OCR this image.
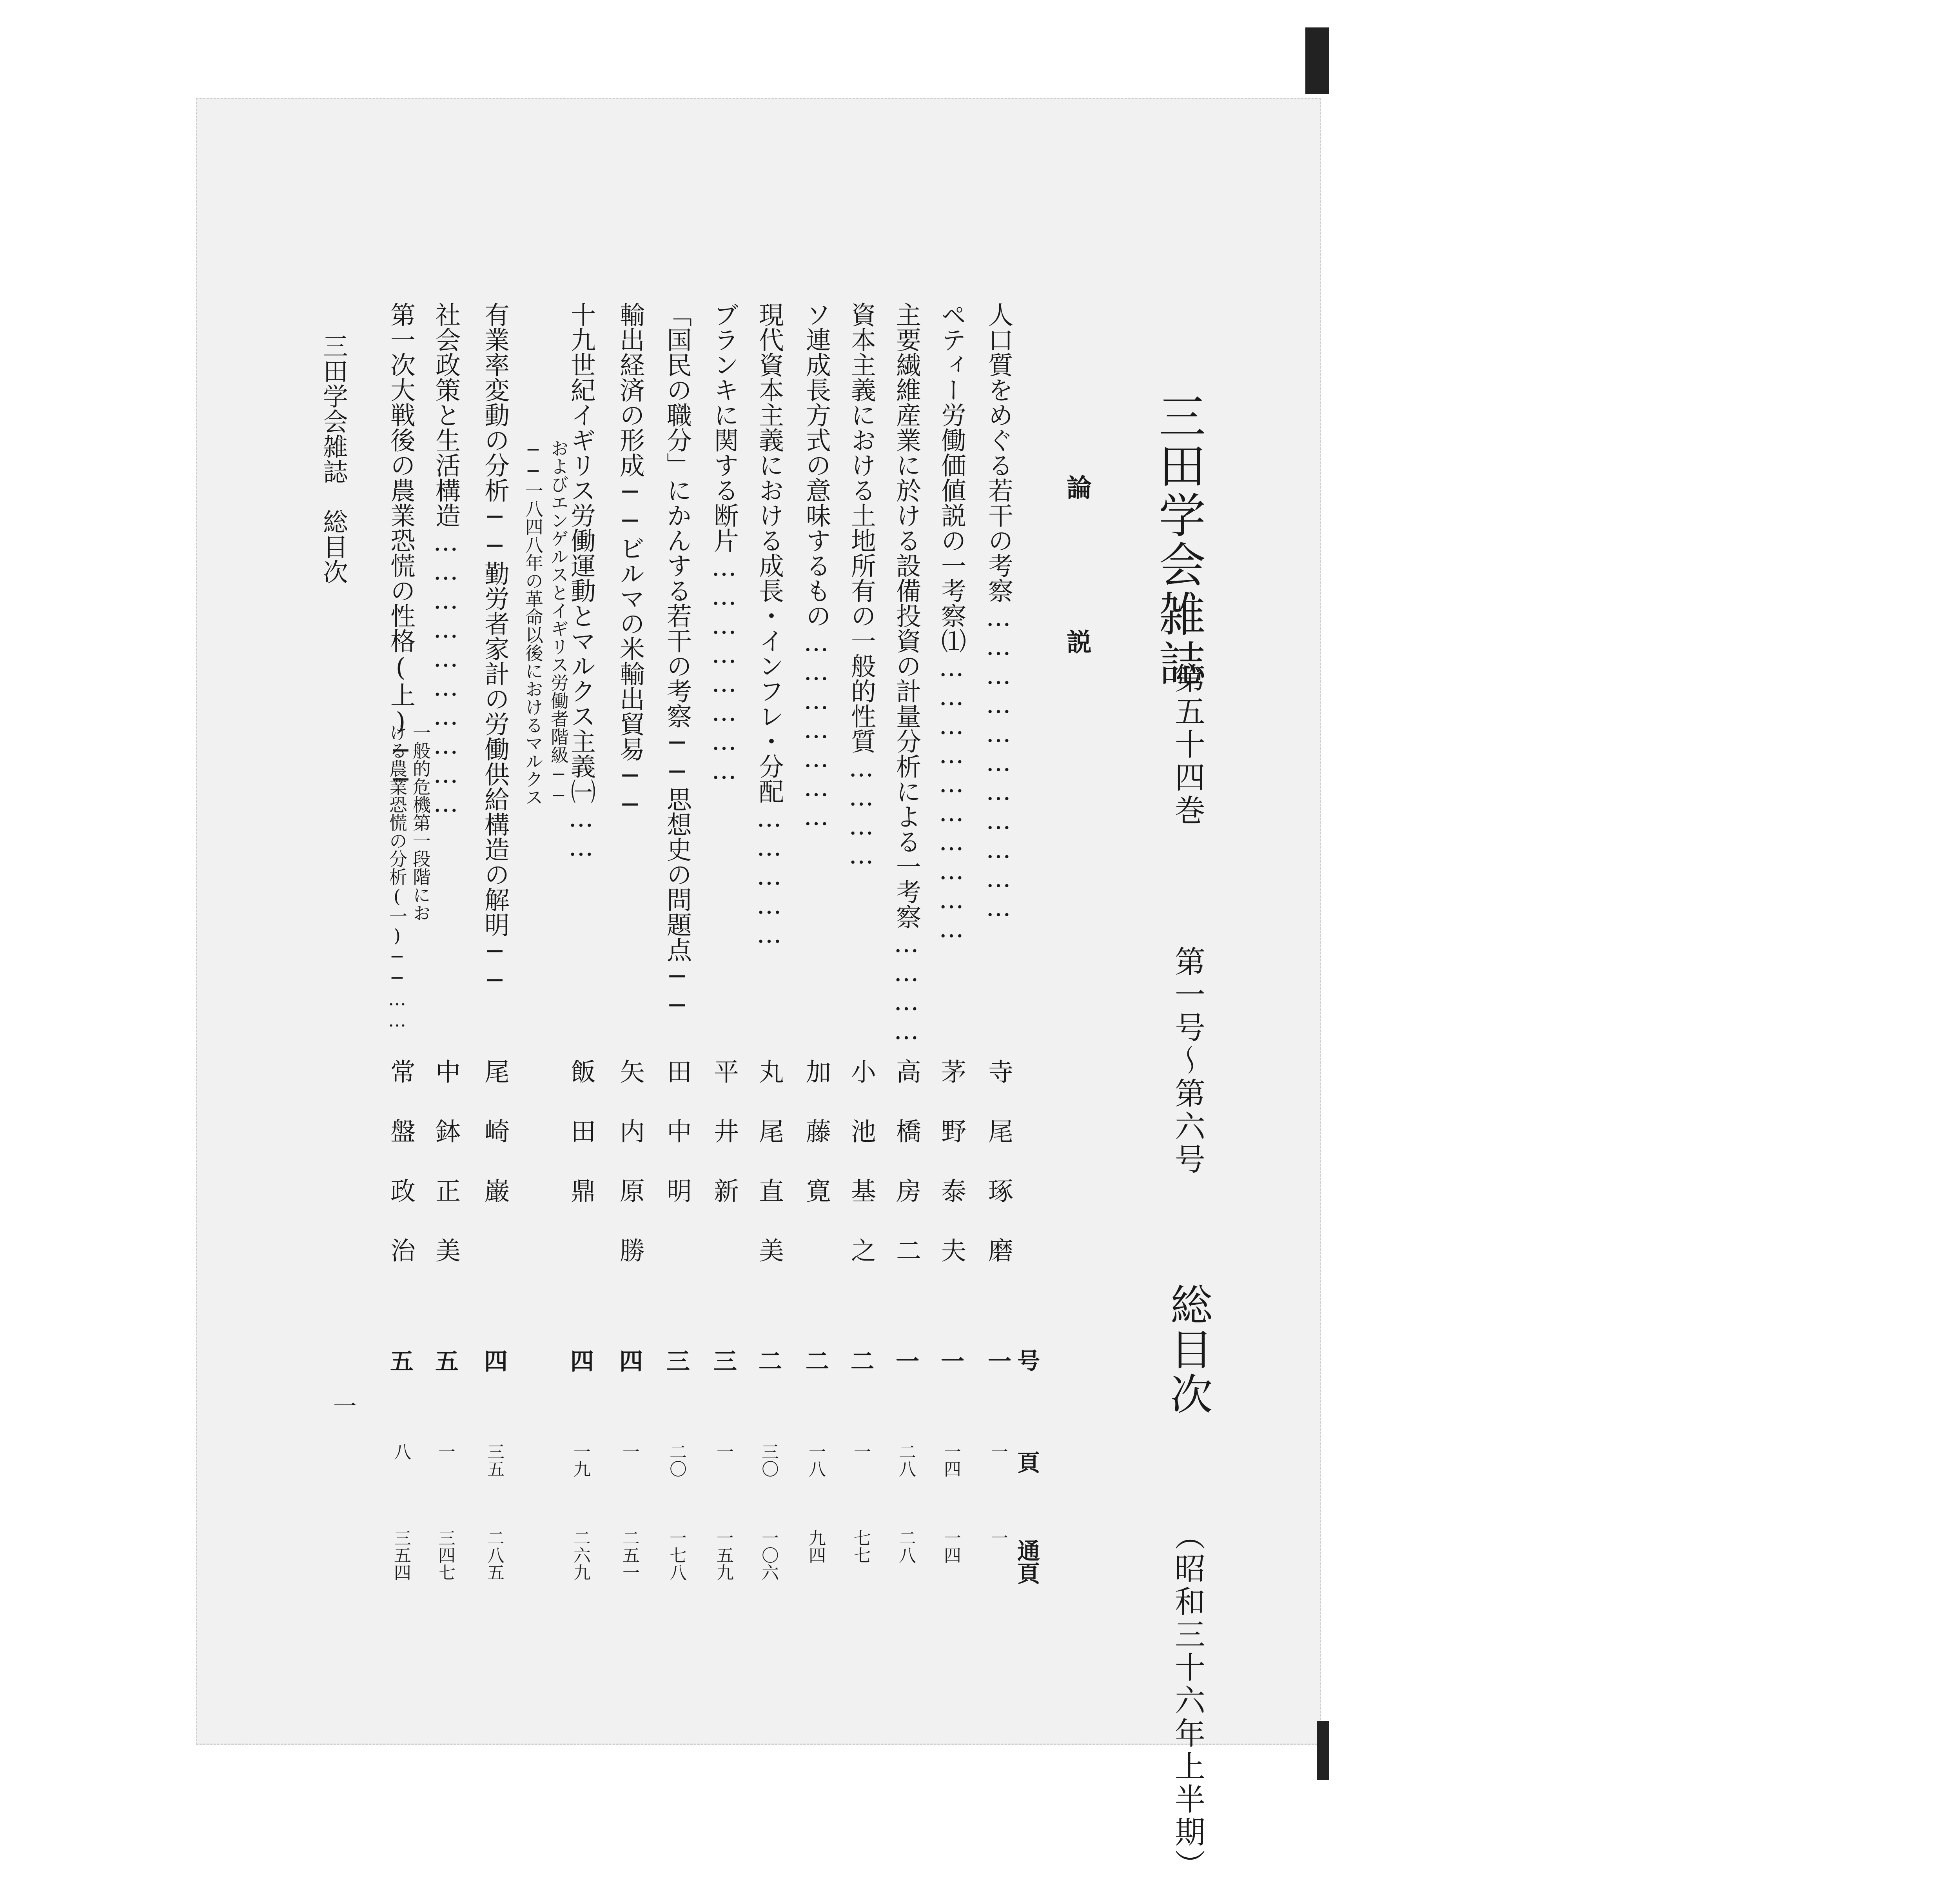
三田学会雑誌
第五十四巻  第一号〜第六号  総目次  （昭和三十六年上半期）
論説
号
頁
通頁
人口質をめぐる若干の考察……………………………
寺尾琢磨
一
一
一
ペティー労働価値説の一考察⑴…………………………
茅野泰夫
一
一四
一四
主要繊維産業に於ける設備投資の計量分析による一考察…………
高橋房二
一
二八
二八
資本主義における土地所有の一般的性質…………
小池基之
二
一
七七
ソ連成長方式の意味するもの…………………
加藤寛
二
一八
九四
現代資本主義における成長・インフレ・分配……………
丸尾直美
二
三〇
一〇六
ブランキに関する断片……………………
平井新
三
一
一五九
「国民の職分」にかんする若干の考察──思想史の問題点──
田中明
三
二〇
一七八
輸出経済の形成──ビルマの米輸出貿易──
矢内原勝
四
一
二五一
十九世紀イギリス労働運動とマルクス主義㈠……
──一八四八年の革命以後におけるマルクス およびエンゲルスとイギリス労働者階級──
飯田鼎
四
一九
二六九
有業率変動の分析──勤労者家計の労働供給構造の解明──
尾崎巌
四
三五
二八五
社会政策と生活構造…………………………
中鉢正美
五
一
三四七
第一次大戦後の農業恐慌の性格(上)──
一般的危機第一段階にお
ける農業恐慌の分析(一)──……
常盤政治
五
八
三五四
三田学会雑誌　総目次
一
